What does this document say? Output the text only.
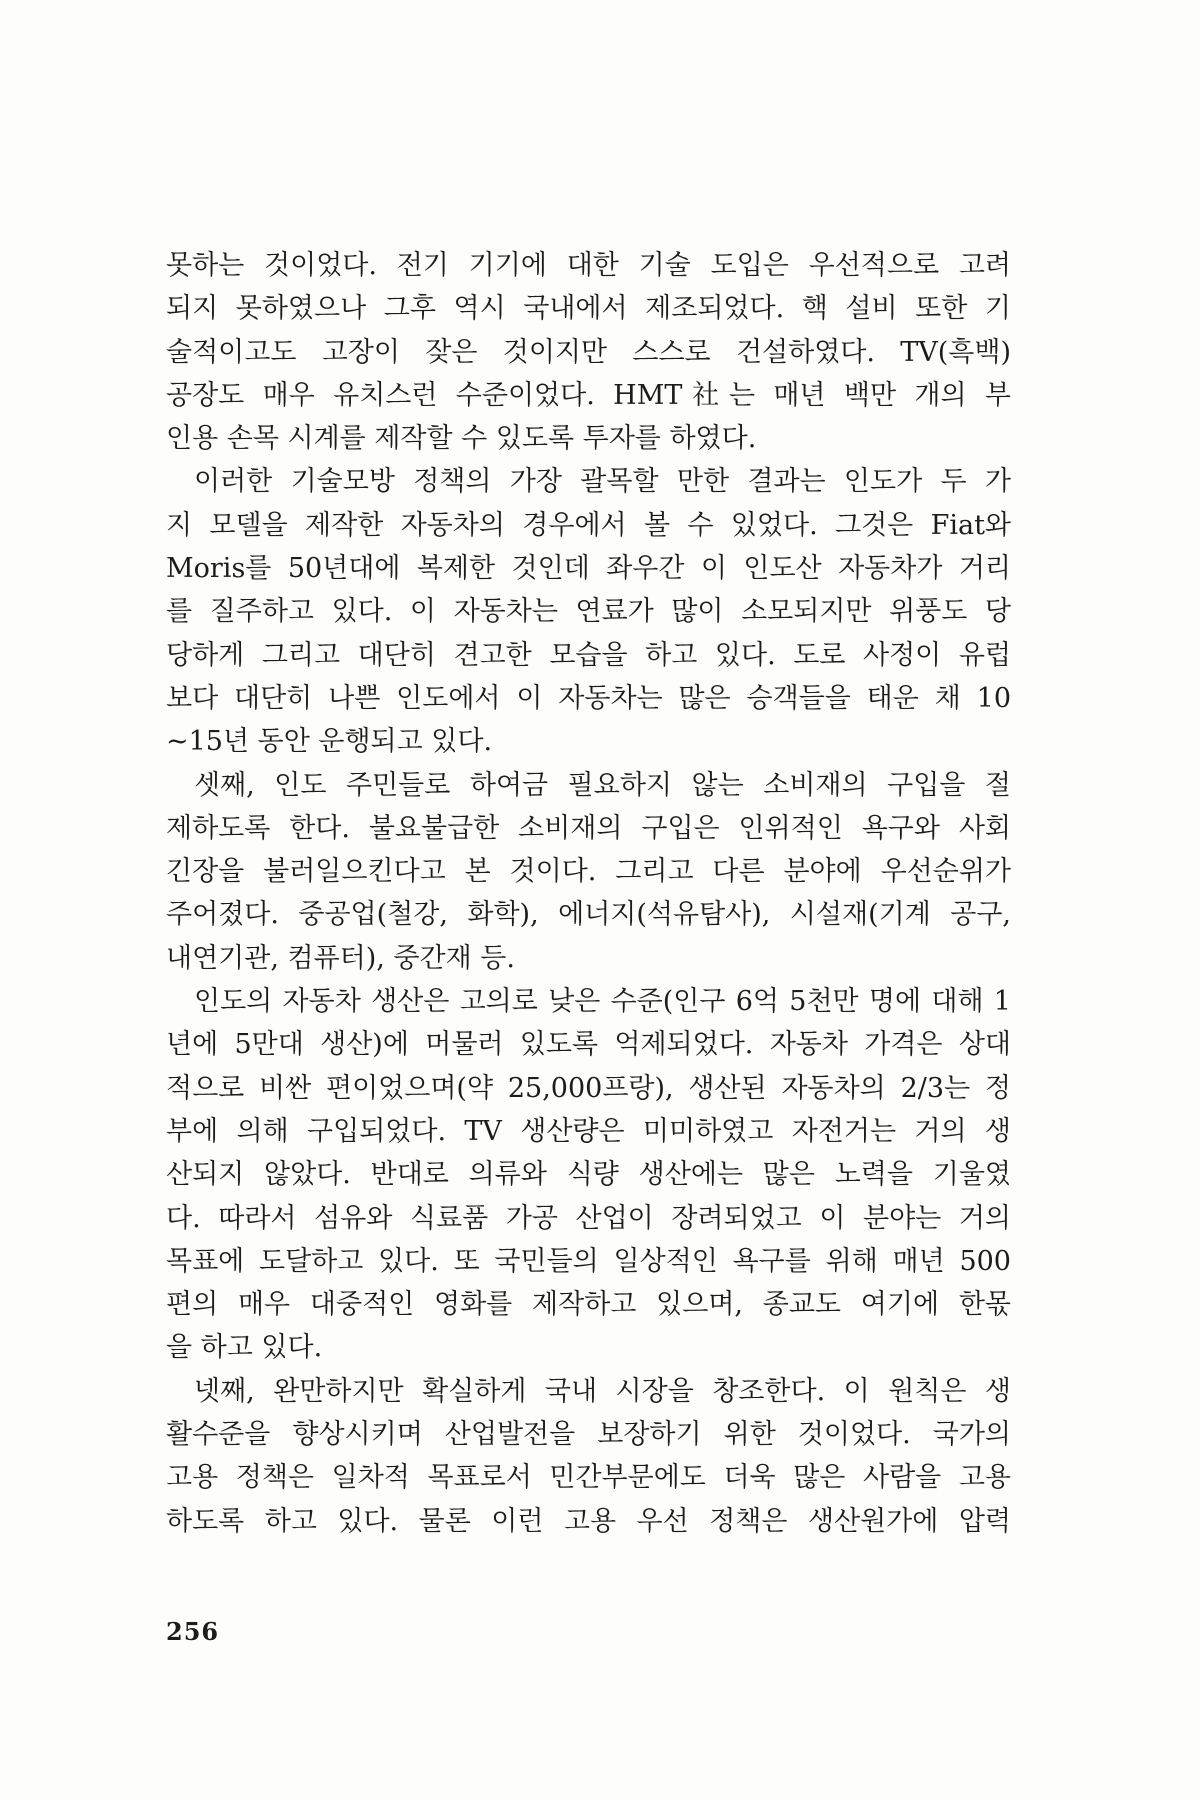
못하는 것이었다. 전기 기기에 대한 기술 도입은 우선적으로 고려
되지 못하였으나 그후 역시 국내에서 제조되었다. 핵 설비 또한 기
술적이고도 고장이 잦은 것이지만 스스로 건설하였다. TV(흑백)
공장도 매우 유치스런 수준이었다. HMT社는 매년 백만 개의 부
인용 손목 시계를 제작할 수 있도록 투자를 하였다.
이러한 기술모방 정책의 가장 괄목할 만한 결과는 인도가 두 가
지 모델을 제작한 자동차의 경우에서 볼 수 있었다. 그것은 Fiat와
Moris를 50년대에 복제한 것인데 좌우간 이 인도산 자동차가 거리
를 질주하고 있다. 이 자동차는 연료가 많이 소모되지만 위풍도 당
당하게 그리고 대단히 견고한 모습을 하고 있다. 도로 사정이 유럽
보다 대단히 나쁜 인도에서 이 자동차는 많은 승객들을 태운 채 10
~15년 동안 운행되고 있다.
셋째, 인도 주민들로 하여금 필요하지 않는 소비재의 구입을 절
제하도록 한다. 불요불급한 소비재의 구입은 인위적인 욕구와 사회
긴장을 불러일으킨다고 본 것이다. 그리고 다른 분야에 우선순위가
주어졌다. 중공업(철강, 화학), 에너지(석유탐사), 시설재(기계 공구,
내연기관, 컴퓨터), 중간재 등.
인도의 자동차 생산은 고의로 낮은 수준(인구 6억 5천만 명에 대해 1
년에 5만대 생산)에 머물러 있도록 억제되었다. 자동차 가격은 상대
적으로 비싼 편이었으며(약 25,000프랑), 생산된 자동차의 2/3는 정
부에 의해 구입되었다. TV 생산량은 미미하였고 자전거는 거의 생
산되지 않았다. 반대로 의류와 식량 생산에는 많은 노력을 기울였
다. 따라서 섬유와 식료품 가공 산업이 장려되었고 이 분야는 거의
목표에 도달하고 있다. 또 국민들의 일상적인 욕구를 위해 매년 500
편의 매우 대중적인 영화를 제작하고 있으며, 종교도 여기에 한몫
을 하고 있다.
넷째, 완만하지만 확실하게 국내 시장을 창조한다. 이 원칙은 생
활수준을 향상시키며 산업발전을 보장하기 위한 것이었다. 국가의
고용 정책은 일차적 목표로서 민간부문에도 더욱 많은 사람을 고용
하도록 하고 있다. 물론 이런 고용 우선 정책은 생산원가에 압력
256
